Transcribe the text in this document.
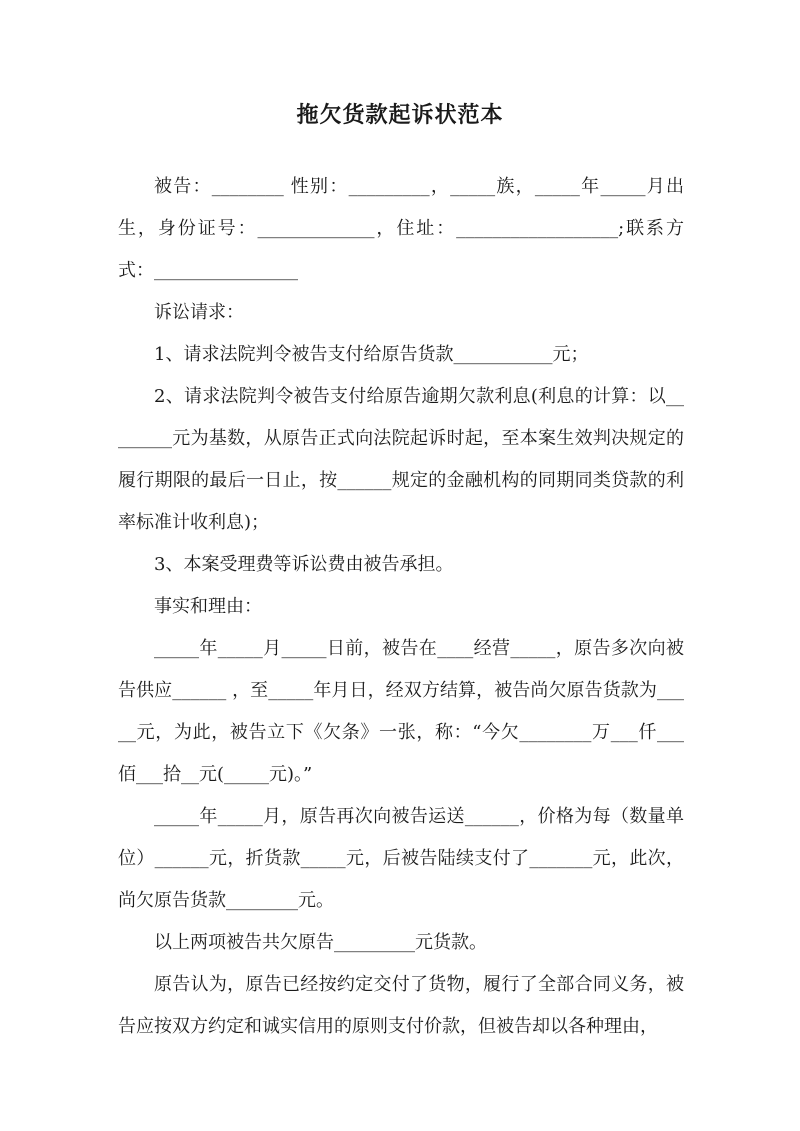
拖欠货款起诉状范本

被告：________ 性别：_________，_____族，_____年_____月出生，身份证号：_____________，住址：__________________;联系方式：________________

诉讼请求：

1、请求法院判令被告支付给原告货款___________元；

2、请求法院判令被告支付给原告逾期欠款利息(利息的计算：以________元为基数，从原告正式向法院起诉时起，至本案生效判决规定的履行期限的最后一日止，按______规定的金融机构的同期同类贷款的利率标准计收利息)；

3、本案受理费等诉讼费由被告承担。

事实和理由：

_____年_____月_____日前，被告在____经营_____，原告多次向被告供应______ ，至_____年月日，经双方结算，被告尚欠原告货款为_____元，为此，被告立下《欠条》一张，称：“今欠________万___仟___佰___拾__元(_____元)。”

_____年_____月，原告再次向被告运送______，价格为每（数量单位）______元，折货款_____元，后被告陆续支付了_______元，此次，尚欠原告货款________元。

以上两项被告共欠原告_________元货款。

原告认为，原告已经按约定交付了货物，履行了全部合同义务，被告应按双方约定和诚实信用的原则支付价款，但被告却以各种理由，
